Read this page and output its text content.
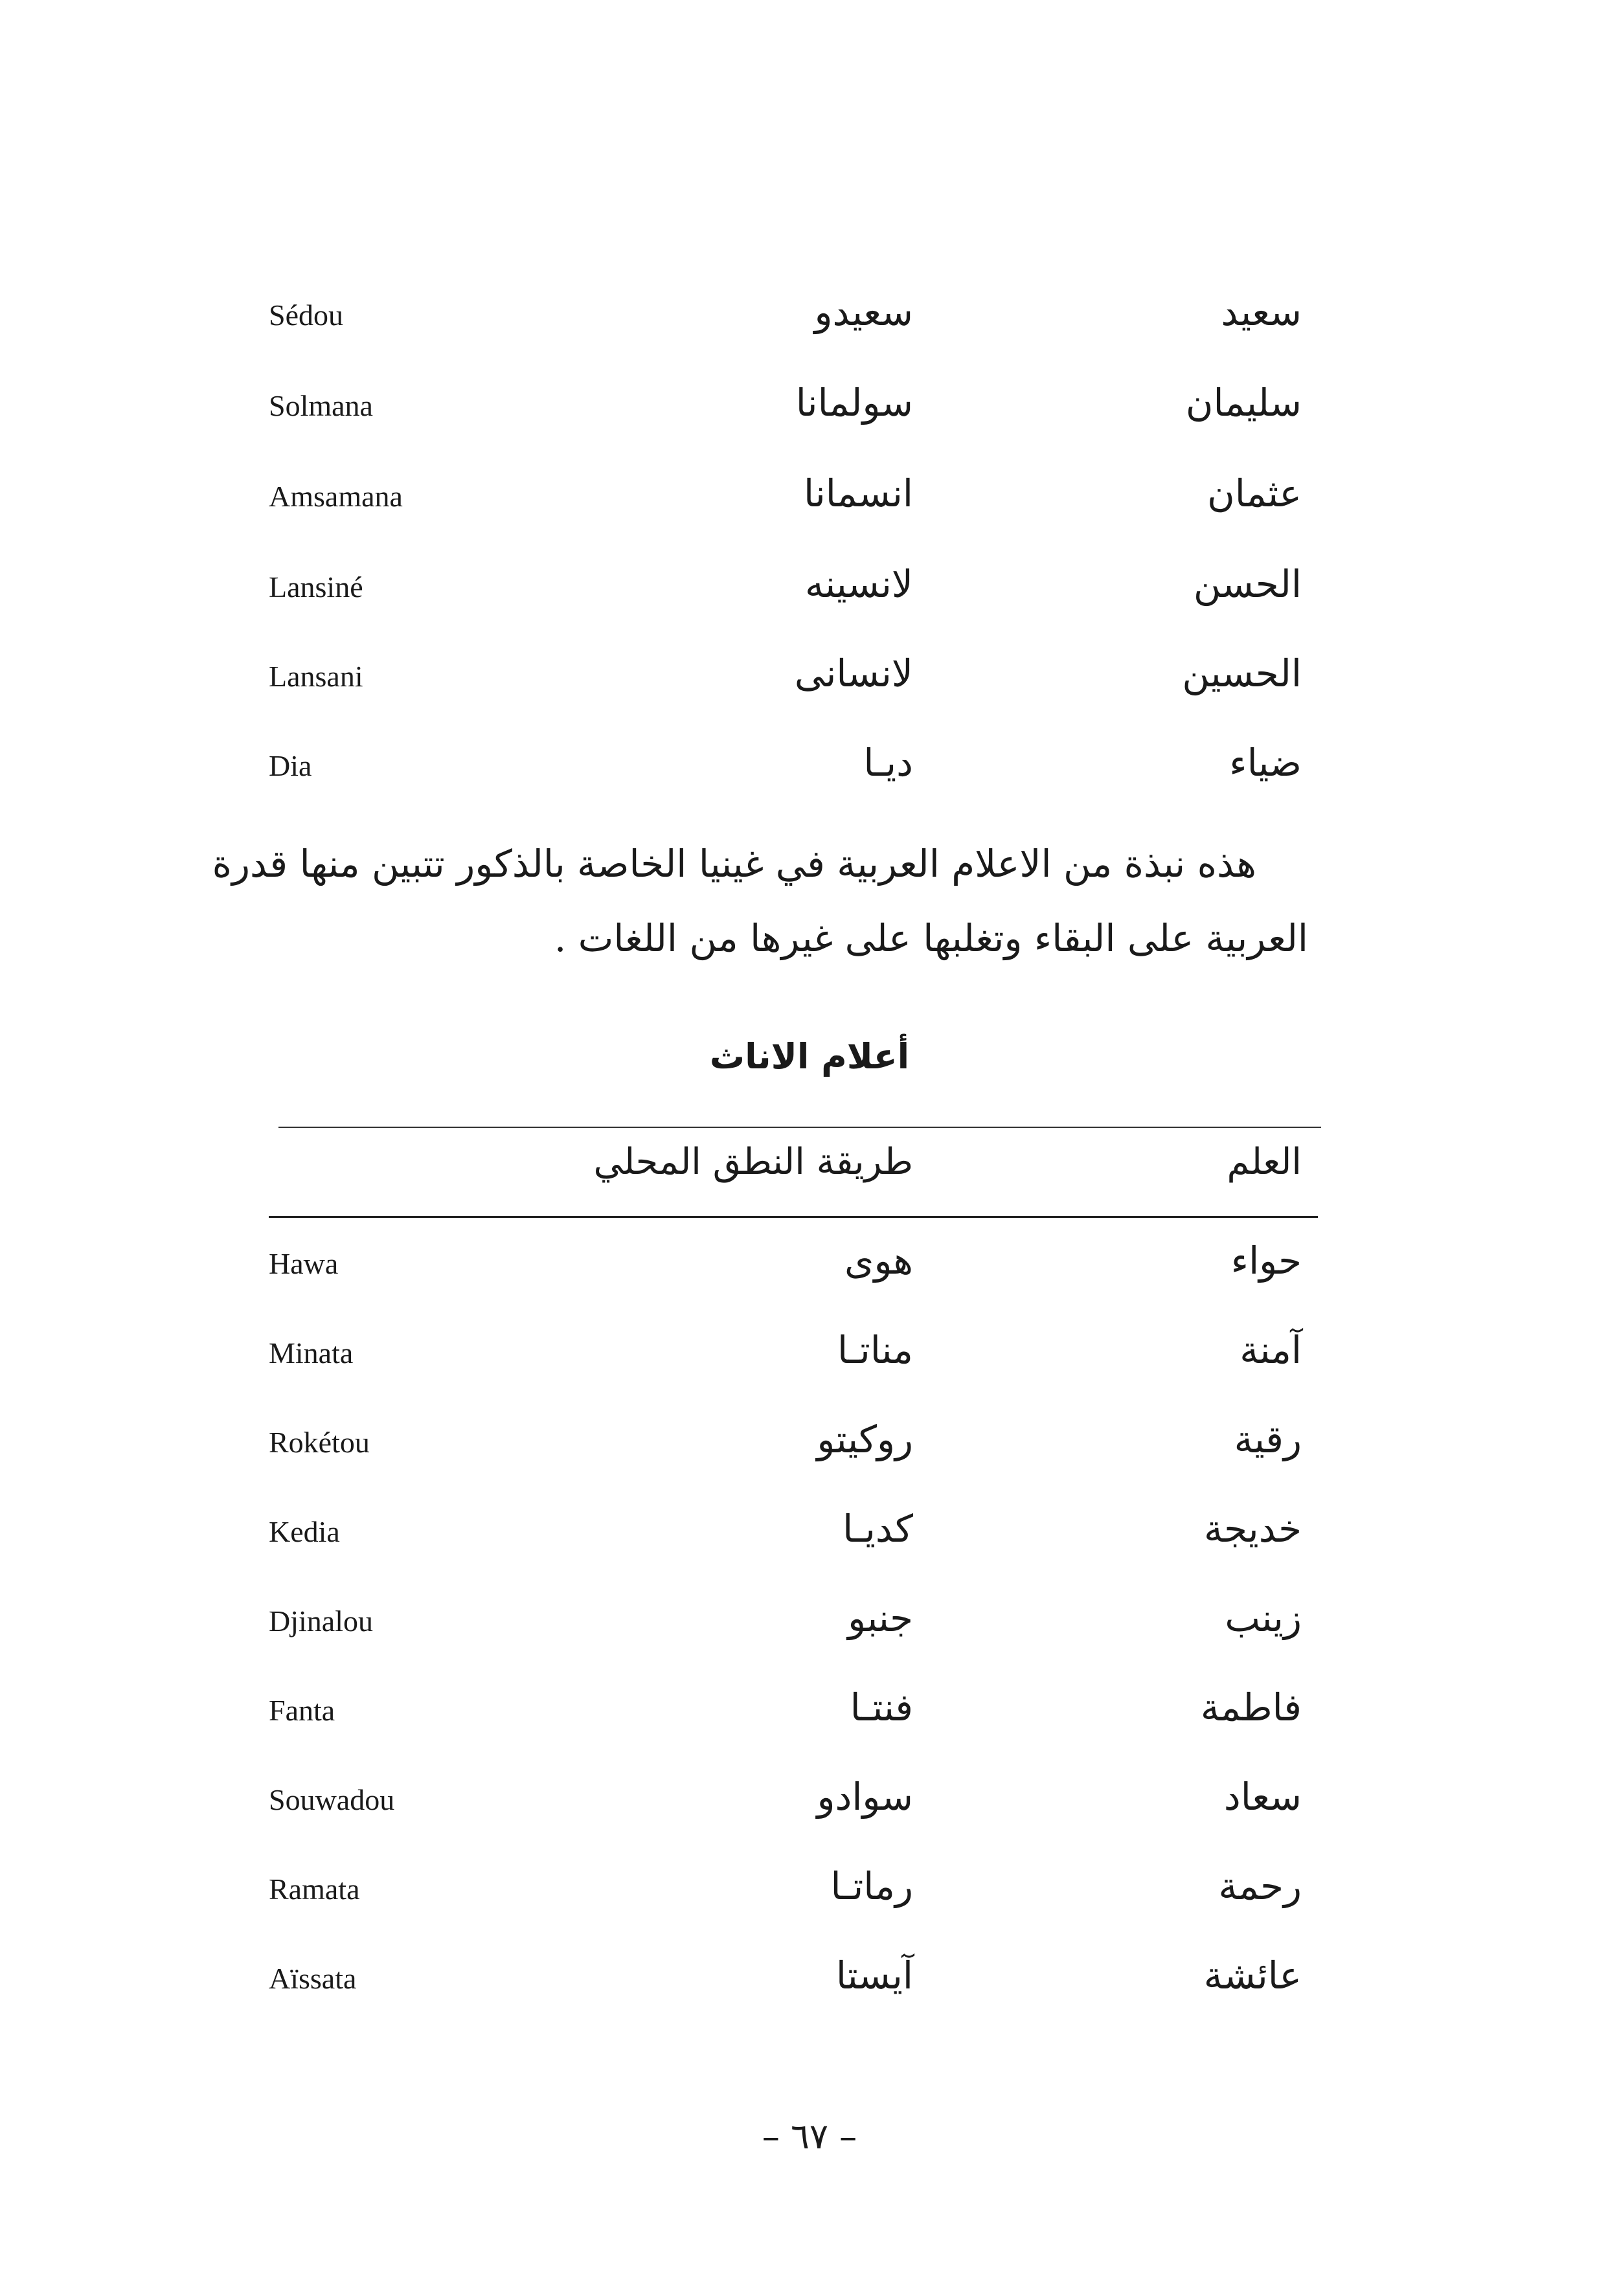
Sédou	سعيدو	سعيد
Solmana	سولمانا	سليمان
Amsamana	انسمانا	عثمان
Lansiné	لانسينه	الحسن
Lansani	لانسانى	الحسين
Dia	ديـا	ضياء
هذه نبذة من الاعلام العربية في غينيا الخاصة بالذكور تتبين منها قدرة
العربية على البقاء وتغلبها على غيرها من اللغات .
أعلام الاناث
طريقة النطق المحلي	العلم
Hawa	هوى	حواء
Minata	مناتـا	آمنة
Rokétou	روكيتو	رقية
Kedia	كديـا	خديجة
Djinalou	جنبو	زينب
Fanta	فنتـا	فاطمة
Souwadou	سوادو	سعاد
Ramata	رماتـا	رحمة
Aïssata	آيستا	عائشة
– ٦٧ –
